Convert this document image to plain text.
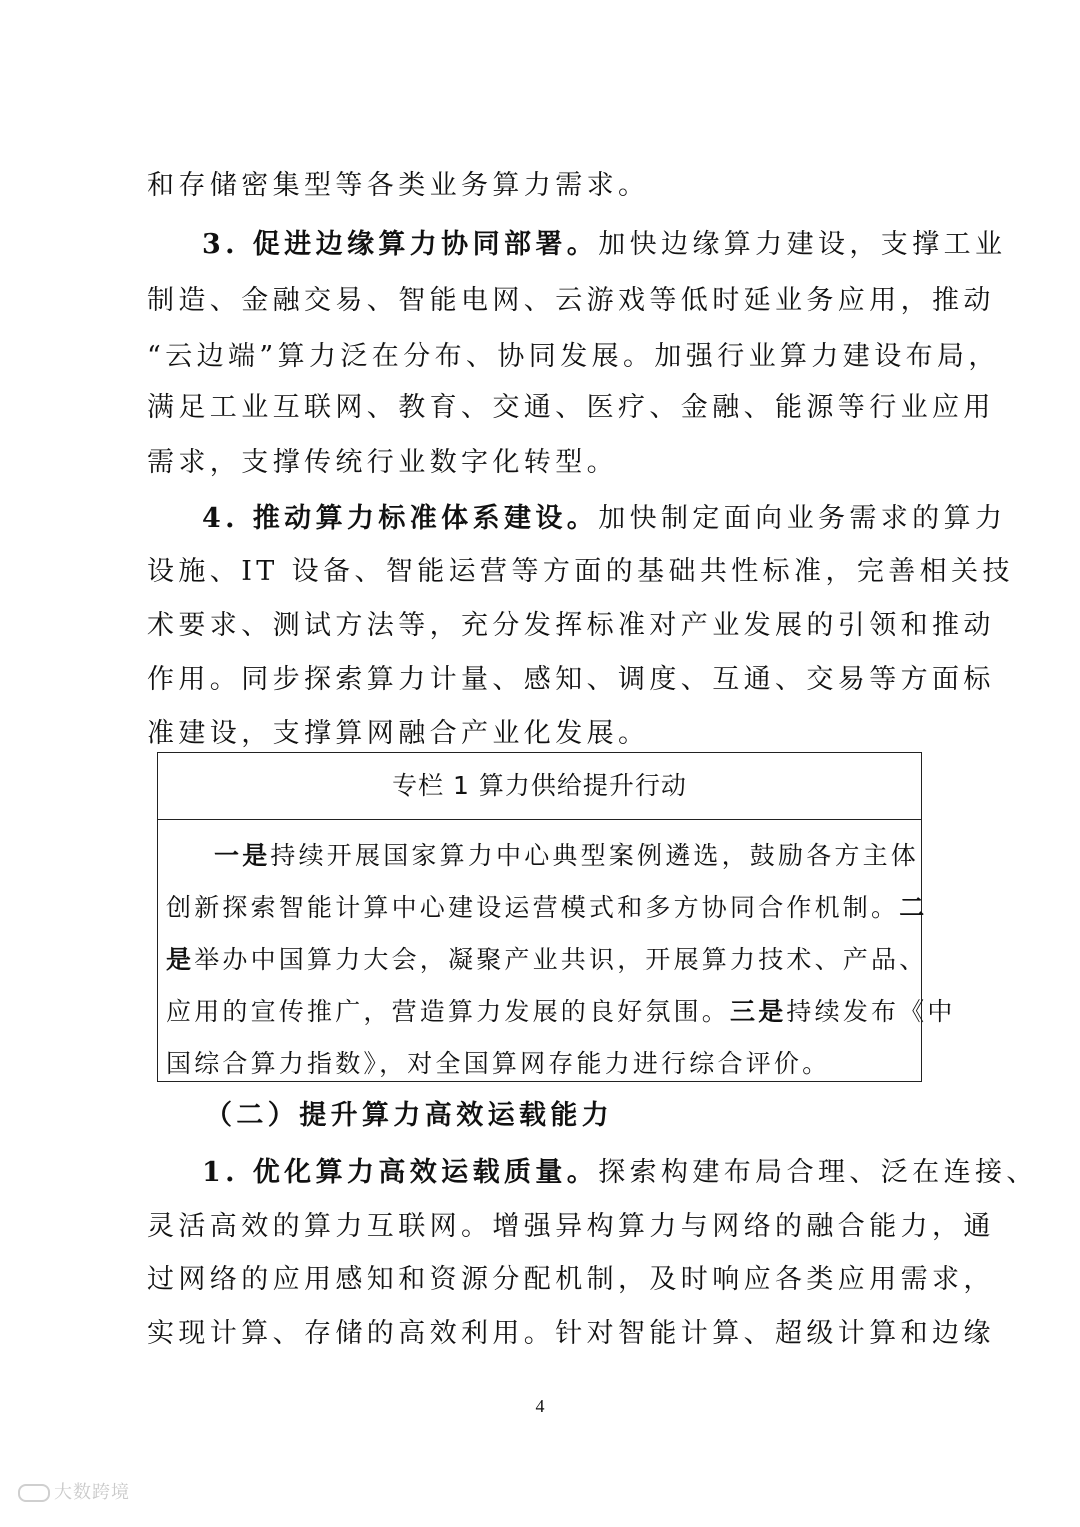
和存储密集型等各类业务算力需求。
3. 促进边缘算力协同部署。加快边缘算力建设，支撑工业
制造、金融交易、智能电网、云游戏等低时延业务应用，推动
“云边端”算力泛在分布、协同发展。加强行业算力建设布局，
满足工业互联网、教育、交通、医疗、金融、能源等行业应用
需求，支撑传统行业数字化转型。
4. 推动算力标准体系建设。加快制定面向业务需求的算力
设施、IT 设备、智能运营等方面的基础共性标准，完善相关技
术要求、测试方法等，充分发挥标准对产业发展的引领和推动
作用。同步探索算力计量、感知、调度、互通、交易等方面标
准建设，支撑算网融合产业化发展。
专栏 1 算力供给提升行动
一是持续开展国家算力中心典型案例遴选，鼓励各方主体
创新探索智能计算中心建设运营模式和多方协同合作机制。二
是举办中国算力大会，凝聚产业共识，开展算力技术、产品、
应用的宣传推广，营造算力发展的良好氛围。三是持续发布《中
国综合算力指数》，对全国算网存能力进行综合评价。
（二）提升算力高效运载能力
1. 优化算力高效运载质量。探索构建布局合理、泛在连接、
灵活高效的算力互联网。增强异构算力与网络的融合能力，通
过网络的应用感知和资源分配机制，及时响应各类应用需求，
实现计算、存储的高效利用。针对智能计算、超级计算和边缘
4
大数跨境
